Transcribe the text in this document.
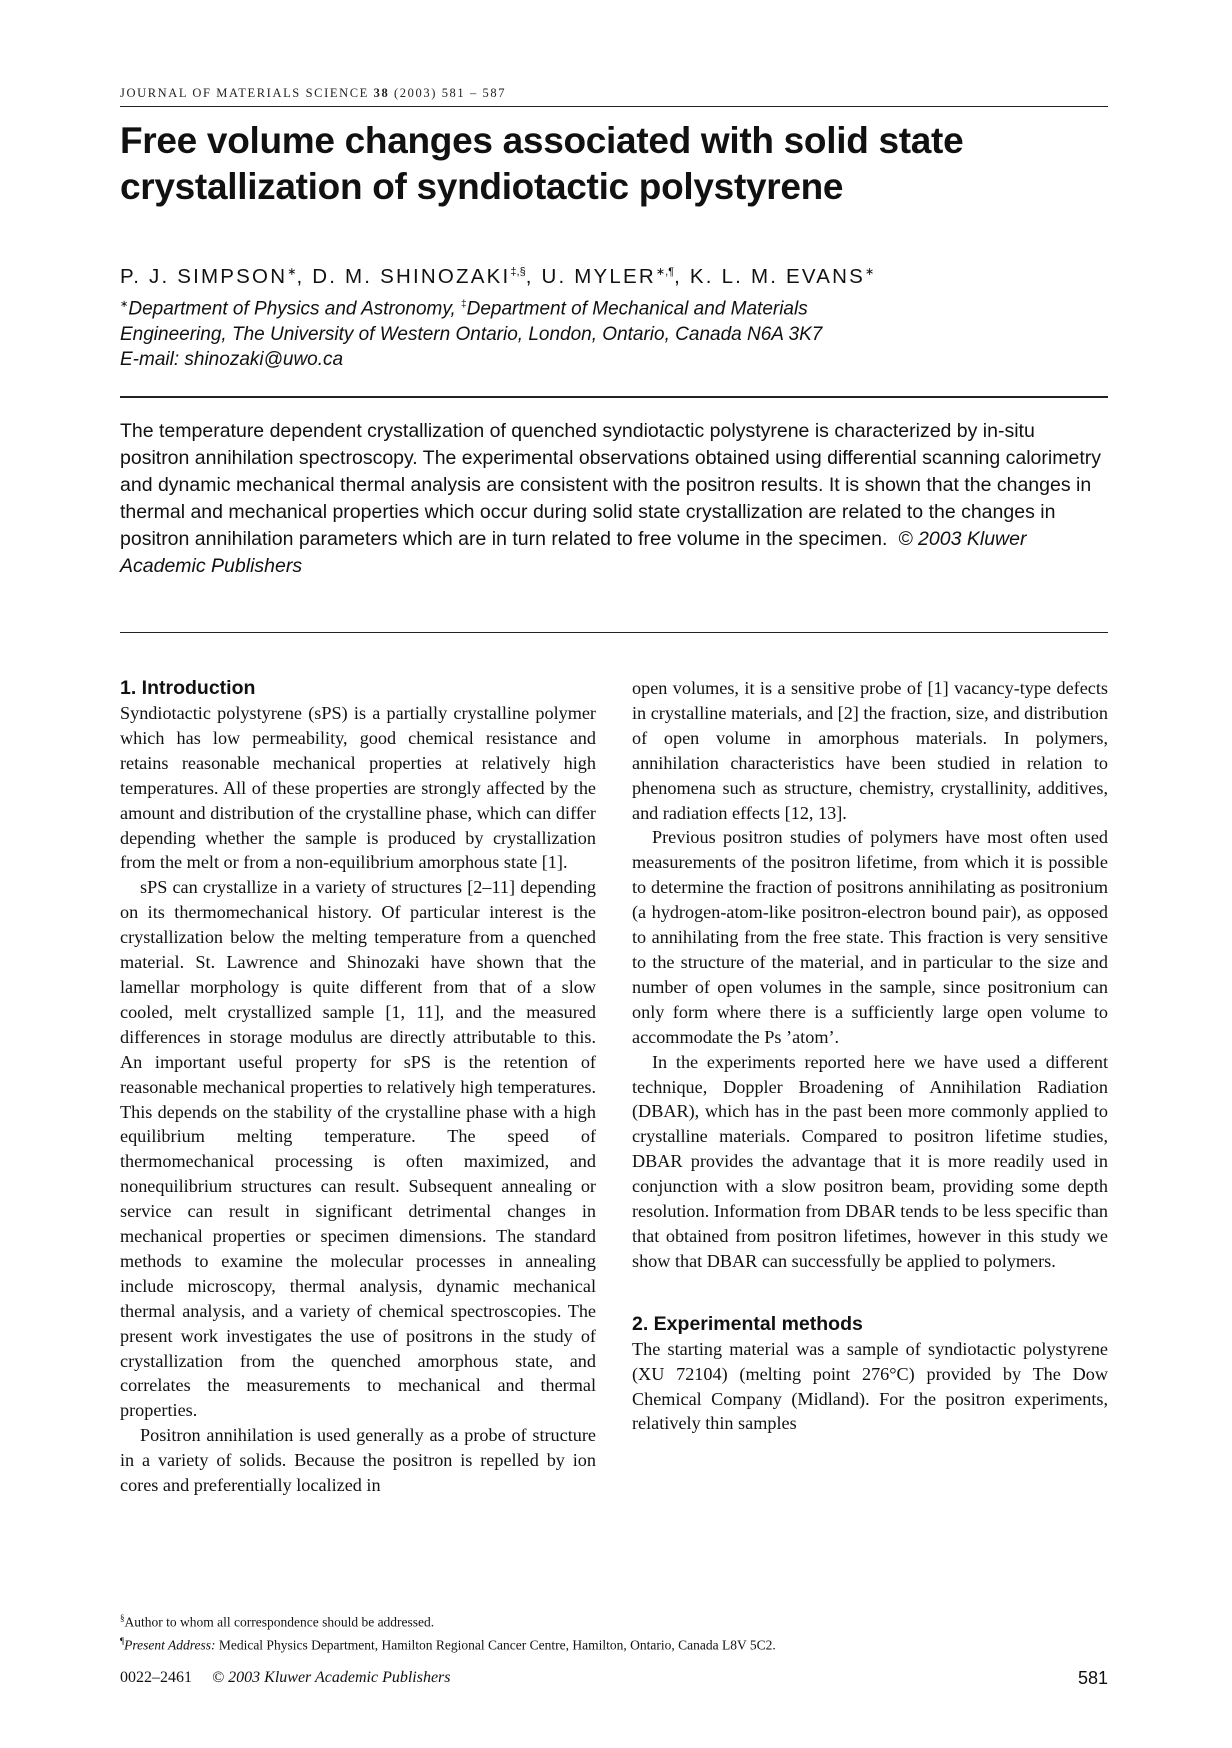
JOURNAL OF MATERIALS SCIENCE 38 (2003) 581 – 587
Free volume changes associated with solid state crystallization of syndiotactic polystyrene
P. J. SIMPSON∗, D. M. SHINOZAKI‡,§, U. MYLER∗,¶, K. L. M. EVANS∗
∗Department of Physics and Astronomy, ‡Department of Mechanical and Materials
Engineering, The University of Western Ontario, London, Ontario, Canada N6A 3K7
E-mail: shinozaki@uwo.ca
The temperature dependent crystallization of quenched syndiotactic polystyrene is characterized by in-situ positron annihilation spectroscopy. The experimental observations obtained using differential scanning calorimetry and dynamic mechanical thermal analysis are consistent with the positron results. It is shown that the changes in thermal and mechanical properties which occur during solid state crystallization are related to the changes in positron annihilation parameters which are in turn related to free volume in the specimen. © 2003 Kluwer Academic Publishers
1. Introduction

Syndiotactic polystyrene (sPS) is a partially crystalline polymer which has low permeability, good chemical resistance and retains reasonable mechanical properties at relatively high temperatures. All of these properties are strongly affected by the amount and distribution of the crystalline phase, which can differ depending whether the sample is produced by crystallization from the melt or from a non-equilibrium amorphous state [1].

sPS can crystallize in a variety of structures [2–11] depending on its thermomechanical history. Of particular interest is the crystallization below the melting temperature from a quenched material. St. Lawrence and Shinozaki have shown that the lamellar morphology is quite different from that of a slow cooled, melt crystallized sample [1, 11], and the measured differences in storage modulus are directly attributable to this. An important useful property for sPS is the retention of reasonable mechanical properties to relatively high temperatures. This depends on the stability of the crystalline phase with a high equilibrium melting temperature. The speed of thermomechanical processing is often maximized, and nonequilibrium structures can result. Subsequent annealing or service can result in significant detrimental changes in mechanical properties or specimen dimensions. The standard methods to examine the molecular processes in annealing include microscopy, thermal analysis, dynamic mechanical thermal analysis, and a variety of chemical spectroscopies. The present work investigates the use of positrons in the study of crystallization from the quenched amorphous state, and correlates the measurements to mechanical and thermal properties.

Positron annihilation is used generally as a probe of structure in a variety of solids. Because the positron is repelled by ion cores and preferentially localized in

open volumes, it is a sensitive probe of [1] vacancy-type defects in crystalline materials, and [2] the fraction, size, and distribution of open volume in amorphous materials. In polymers, annihilation characteristics have been studied in relation to phenomena such as structure, chemistry, crystallinity, additives, and radiation effects [12, 13].

Previous positron studies of polymers have most often used measurements of the positron lifetime, from which it is possible to determine the fraction of positrons annihilating as positronium (a hydrogen-atom-like positron-electron bound pair), as opposed to annihilating from the free state. This fraction is very sensitive to the structure of the material, and in particular to the size and number of open volumes in the sample, since positronium can only form where there is a sufficiently large open volume to accommodate the Ps ’atom’.

In the experiments reported here we have used a different technique, Doppler Broadening of Annihilation Radiation (DBAR), which has in the past been more commonly applied to crystalline materials. Compared to positron lifetime studies, DBAR provides the advantage that it is more readily used in conjunction with a slow positron beam, providing some depth resolution. Information from DBAR tends to be less specific than that obtained from positron lifetimes, however in this study we show that DBAR can successfully be applied to polymers.

2. Experimental methods

The starting material was a sample of syndiotactic polystyrene (XU 72104) (melting point 276°C) provided by The Dow Chemical Company (Midland). For the positron experiments, relatively thin samples

§Author to whom all correspondence should be addressed.
¶Present Address: Medical Physics Department, Hamilton Regional Cancer Centre, Hamilton, Ontario, Canada L8V 5C2.
0022–2461 © 2003 Kluwer Academic Publishers	581
